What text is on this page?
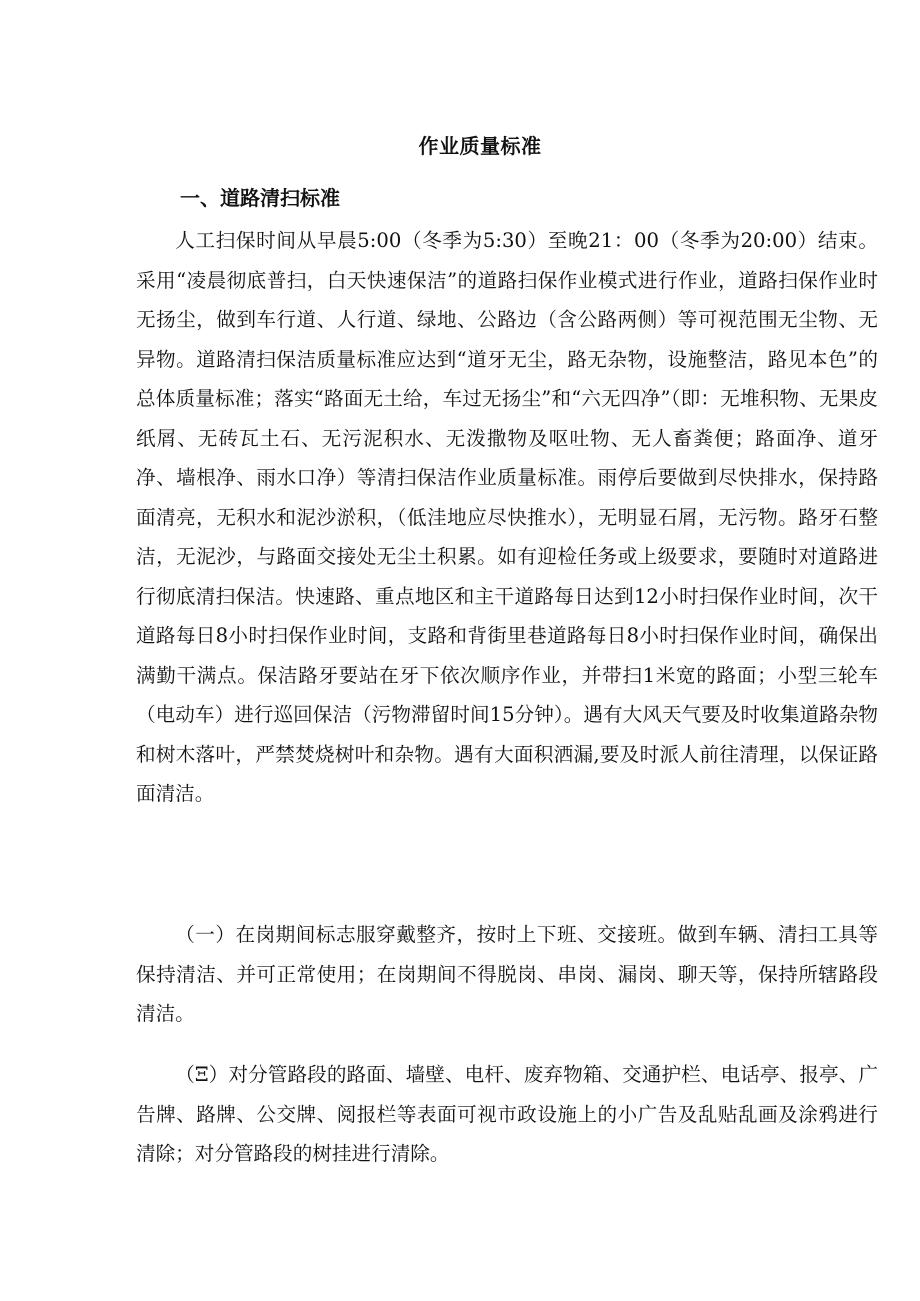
作业质量标准
一、道路清扫标准

人工扫保时间从早晨5:00（冬季为5:30）至晚21：00（冬季为20:00）结束。采用“凌晨彻底普扫，白天快速保洁”的道路扫保作业模式进行作业，道路扫保作业时无扬尘，做到车行道、人行道、绿地、公路边（含公路两侧）等可视范围无尘物、无异物。道路清扫保洁质量标准应达到“道牙无尘，路无杂物，设施整洁，路见本色”的总体质量标准；落实“路面无土给，车过无扬尘”和“六无四净”（即：无堆积物、无果皮纸屑、无砖瓦土石、无污泥积水、无泼撒物及呕吐物、无人畜粪便；路面净、道牙净、墙根净、雨水口净）等清扫保洁作业质量标准。雨停后要做到尽快排水，保持路面清亮，无积水和泥沙淤积，（低洼地应尽快推水），无明显石屑，无污物。路牙石整洁，无泥沙，与路面交接处无尘土积累。如有迎检任务或上级要求，要随时对道路进行彻底清扫保洁。快速路、重点地区和主干道路每日达到12小时扫保作业时间，次干道路每日8小时扫保作业时间，支路和背街里巷道路每日8小时扫保作业时间，确保出满勤干满点。保洁路牙要站在牙下依次顺序作业，并带扫1米宽的路面；小型三轮车（电动车）进行巡回保洁（污物滞留时间15分钟）。遇有大风天气要及时收集道路杂物和树木落叶，严禁焚烧树叶和杂物。遇有大面积洒漏,要及时派人前往清理，以保证路面清洁。

（一）在岗期间标志服穿戴整齐，按时上下班、交接班。做到车辆、清扫工具等保持清洁、并可正常使用；在岗期间不得脱岗、串岗、漏岗、聊天等，保持所辖路段清洁。

（Ξ）对分管路段的路面、墙壁、电杆、废弃物箱、交通护栏、电话亭、报亭、广告牌、路牌、公交牌、阅报栏等表面可视市政设施上的小广告及乱贴乱画及涂鸦进行清除；对分管路段的树挂进行清除。
